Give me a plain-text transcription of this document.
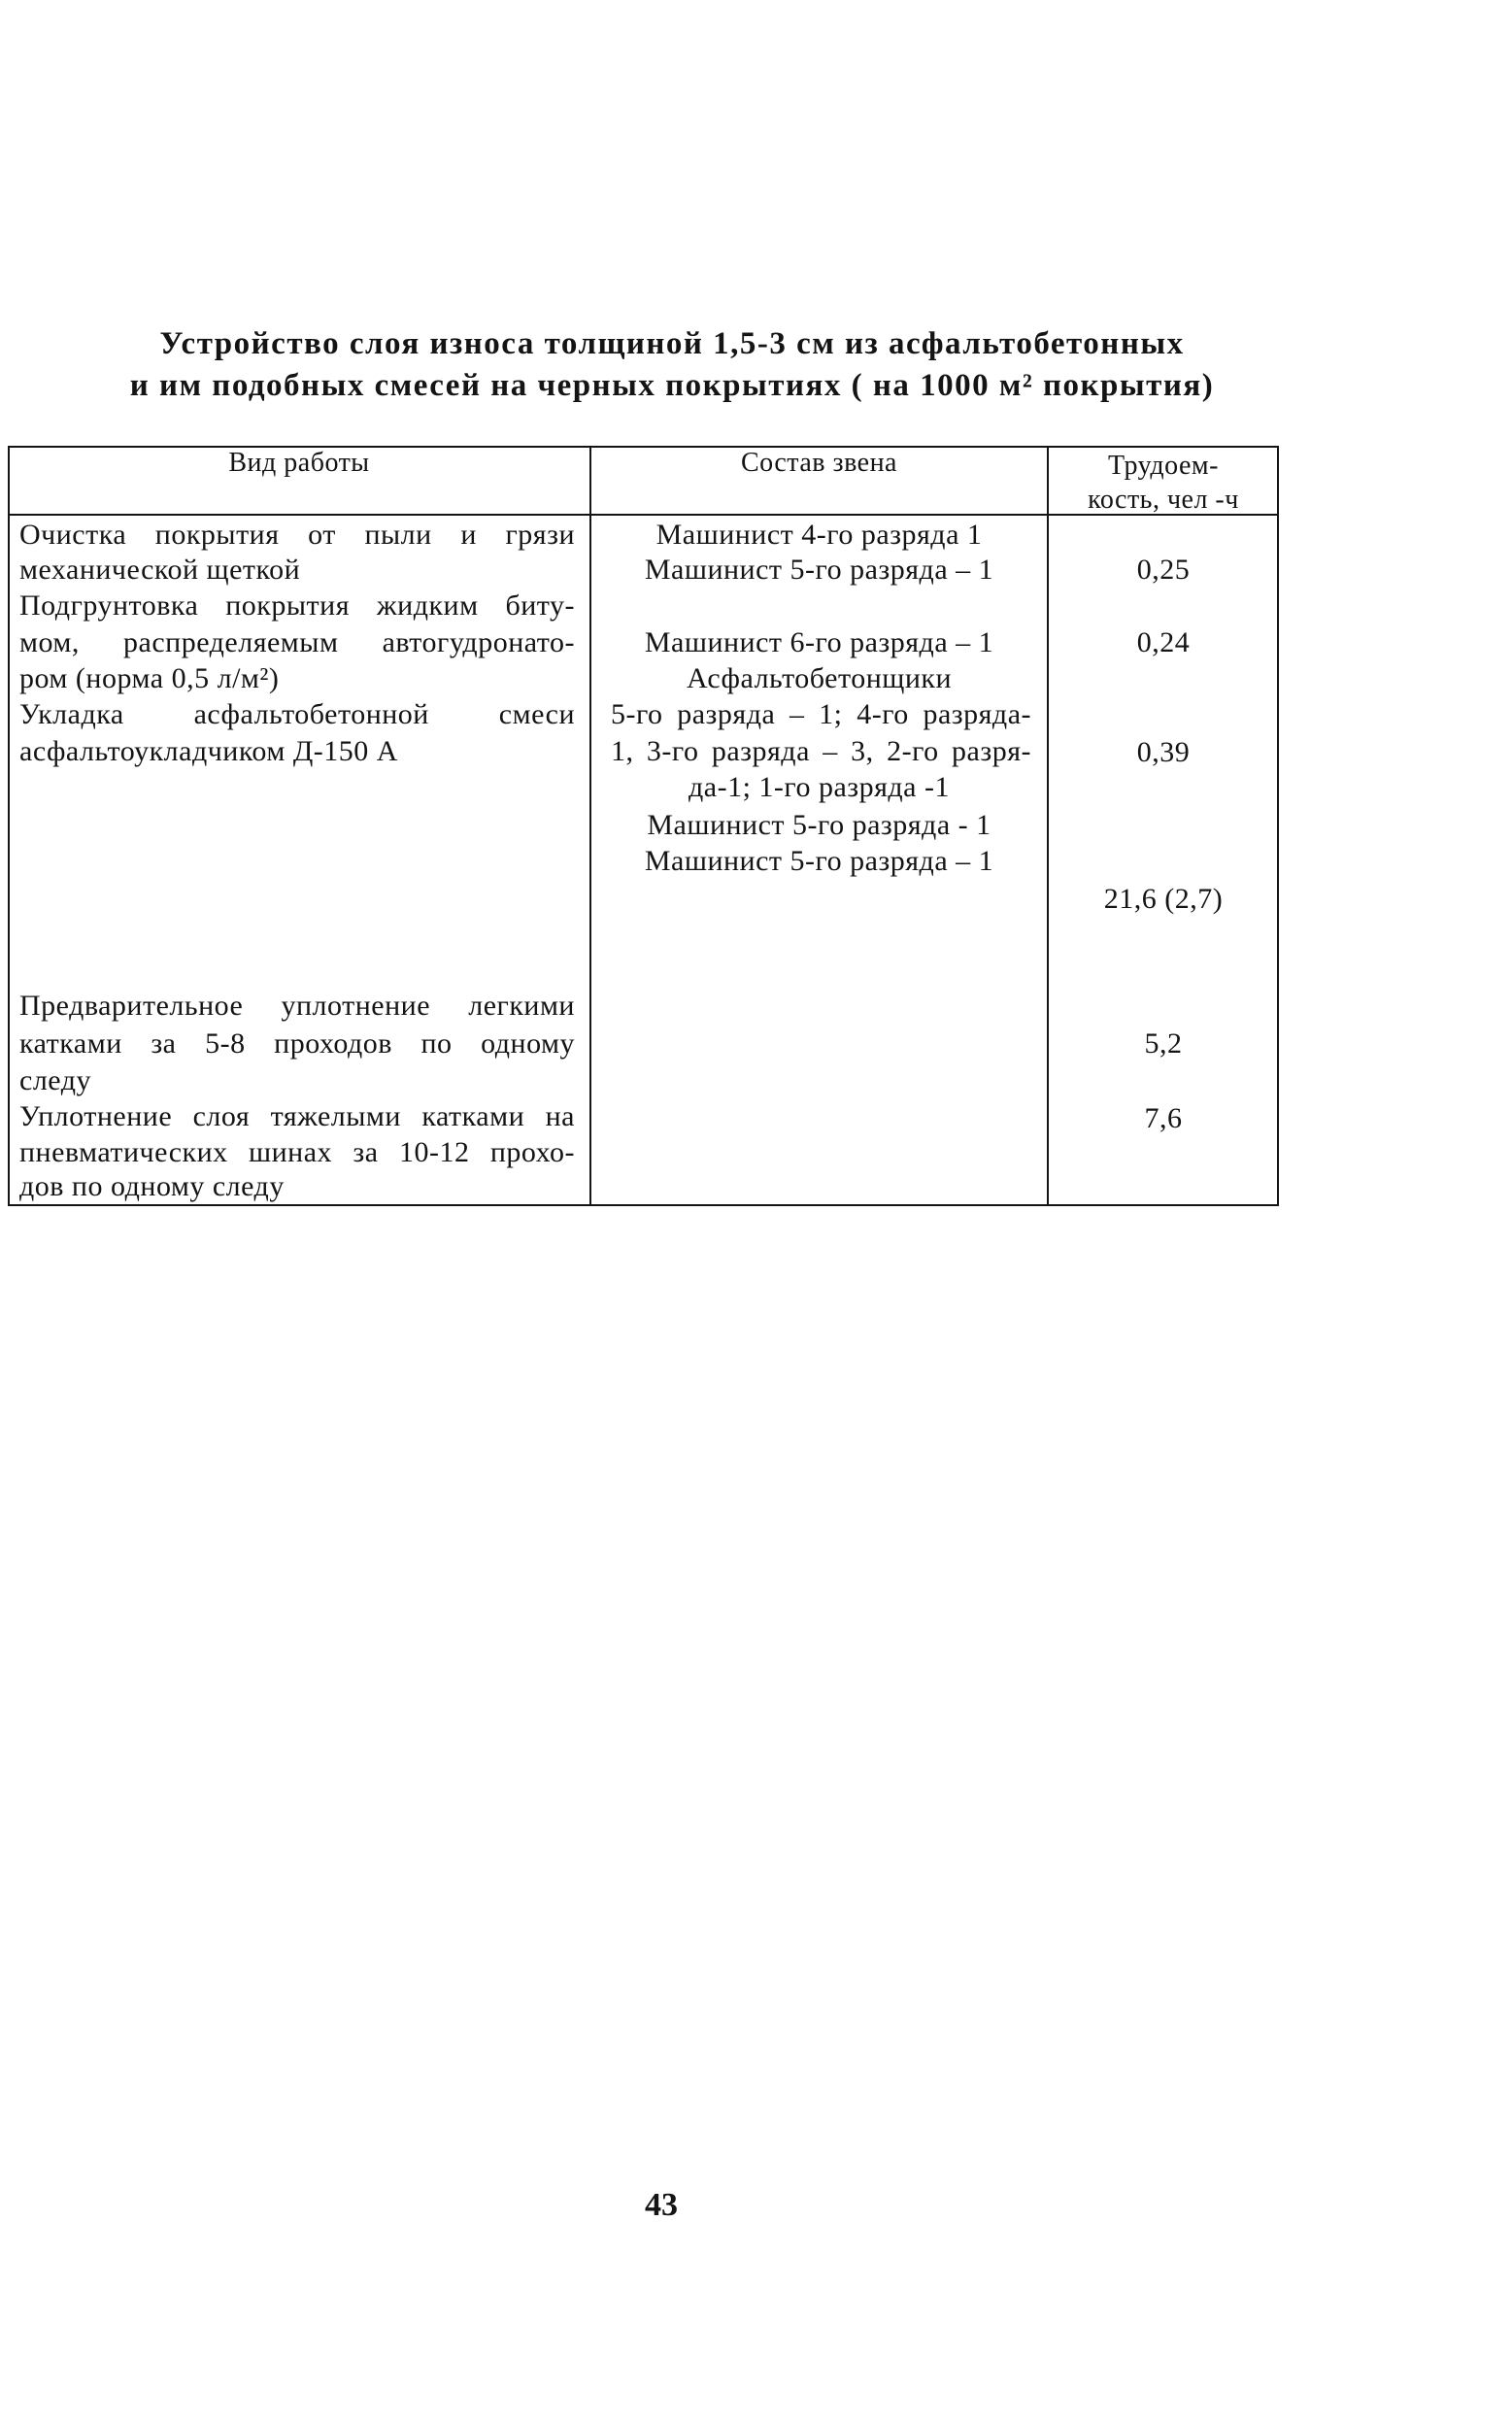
Устройство слоя износа толщиной 1,5-3 см из асфальтобетонных
и им подобных смесей на черных покрытиях ( на 1000 м² покрытия)
Вид работы	Состав звена	Трудоем-
кость, чел -ч
Очистка покрытия от пыли и грязи
механической щеткой
Подгрунтовка покрытия жидким биту-
мом, распределяемым автогудронато-
ром (норма 0,5 л/м²)
Укладка асфальтобетонной смеси
асфальтоукладчиком Д-150 А
Предварительное уплотнение легкими
катками за 5-8 проходов по одному
следу
Уплотнение слоя тяжелыми катками на
пневматических шинах за 10-12 прохо-
дов по одному следу
Машинист 4-го разряда 1
Машинист 5-го разряда – 1
Машинист 6-го разряда – 1
Асфальтобетонщики
5-го разряда – 1; 4-го разряда-
1, 3-го разряда – 3, 2-го разря-
да-1; 1-го разряда -1
Машинист 5-го разряда - 1
Машинист 5-го разряда – 1
0,25
0,24
0,39
21,6 (2,7)
5,2
7,6
43
